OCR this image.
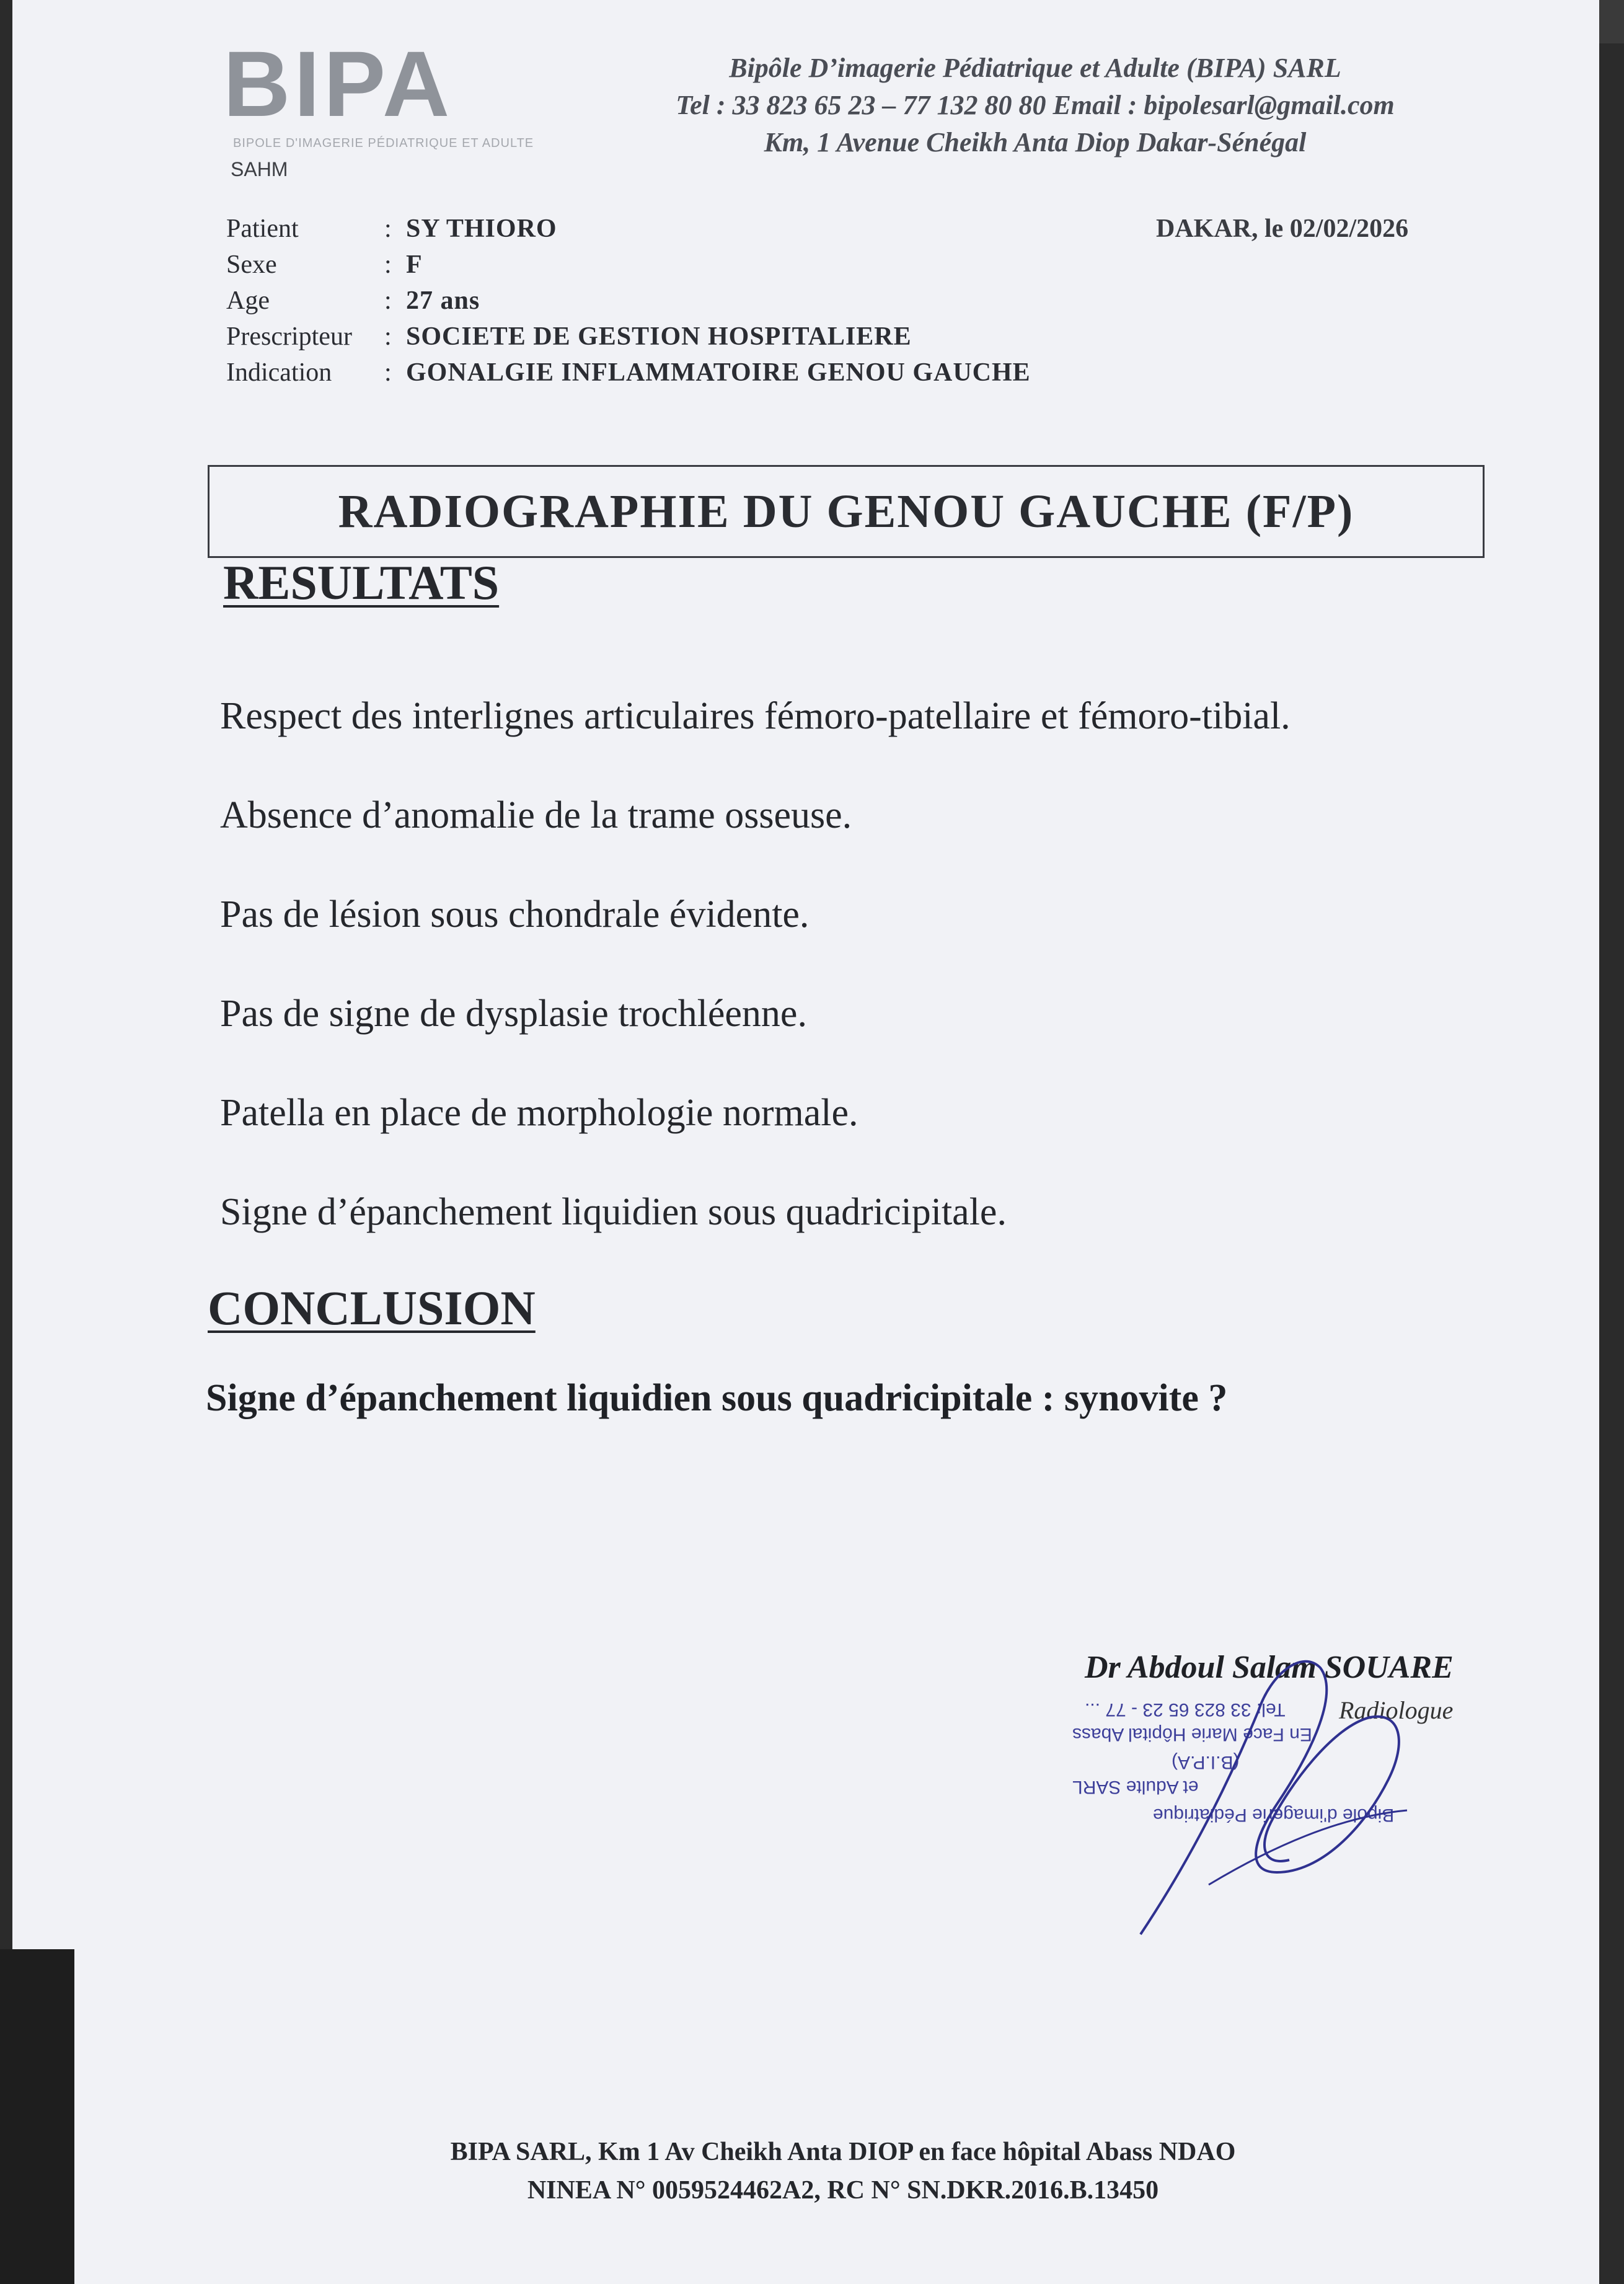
BIPA
BIPOLE D'IMAGERIE PÉDIATRIQUE ET ADULTE
SAHM
Bipôle D’imagerie Pédiatrique et Adulte (BIPA) SARL
Tel : 33 823 65 23 – 77 132 80 80 Email : bipolesarl@gmail.com
Km, 1 Avenue Cheikh Anta Diop Dakar-Sénégal
Patient	: SY THIORO
Sexe	: F
Age	: 27 ans
Prescripteur : SOCIETE DE GESTION HOSPITALIERE
Indication : GONALGIE INFLAMMATOIRE GENOU GAUCHE
DAKAR, le 02/02/2026
RADIOGRAPHIE DU GENOU GAUCHE (F/P)
RESULTATS
Respect des interlignes articulaires fémoro-patellaire et fémoro-tibial.
Absence d’anomalie de la trame osseuse.
Pas de lésion sous chondrale évidente.
Pas de signe de dysplasie trochléenne.
Patella en place de morphologie normale.
Signe d’épanchement liquidien sous quadricipitale.
CONCLUSION
Signe d’épanchement liquidien sous quadricipitale : synovite ?
Tel: 33 823 65 23 - 77 ...
En Face Marie Hôpital Abass
(B.I.P.A)
et Adulte SARL
Bipole d'imagerie Pédiatrique
Dr Abdoul Salam SOUARE
Radiologue
BIPA SARL, Km 1 Av Cheikh Anta DIOP en face hôpital Abass NDAO
NINEA N° 0059524462A2, RC N° SN.DKR.2016.B.13450
